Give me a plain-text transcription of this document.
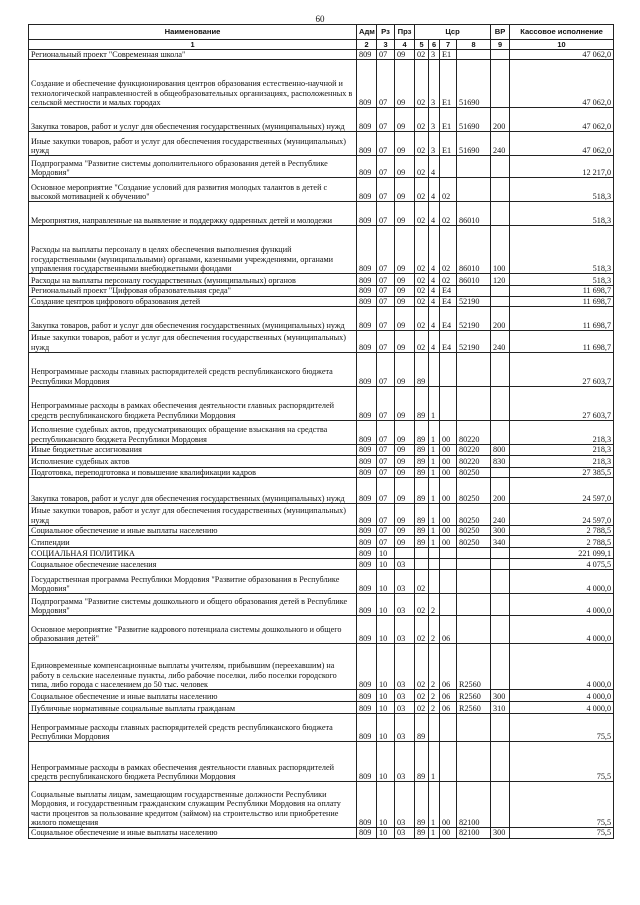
60
Наименование	Адм	Рз	Прз	Цср				ВР	Кассовое исполнение
1	2	3	4	5	6	7	8	9	10
Региональный проект "Современная школа"	809	07	09	02	3	E1			47 062,0
Создание и обеспечение функционирования центров образования естественно-научной и технологической направленностей в общеобразовательных организациях, расположенных в сельской местности и малых городах	809	07	09	02	3	E1	51690		47 062,0
Закупка товаров, работ и услуг для обеспечения государственных (муниципальных) нужд	809	07	09	02	3	E1	51690	200	47 062,0
Иные закупки товаров, работ и услуг для обеспечения государственных (муниципальных) нужд	809	07	09	02	3	E1	51690	240	47 062,0
Подпрограмма "Развитие системы дополнительного образования детей в Республике Мордовия"	809	07	09	02	4				12 217,0
Основное мероприятие "Создание условий для развития молодых талантов в детей с высокой мотивацией к обучению"	809	07	09	02	4	02			518,3
Мероприятия, направленные на выявление и поддержку одаренных детей и молодежи	809	07	09	02	4	02	86010		518,3
Расходы на выплаты персоналу в целях обеспечения выполнения функций государственными (муниципальными) органами, казенными учреждениями, органами управления государственными внебюджетными фондами	809	07	09	02	4	02	86010	100	518,3
Расходы на выплаты персоналу государственных (муниципальных) органов	809	07	09	02	4	02	86010	120	518,3
Региональный проект "Цифровая образовательная среда"	809	07	09	02	4	E4			11 698,7
Создание центров цифрового образования детей	809	07	09	02	4	E4	52190		11 698,7
Закупка товаров, работ и услуг для обеспечения государственных (муниципальных) нужд	809	07	09	02	4	E4	52190	200	11 698,7
Иные закупки товаров, работ и услуг для обеспечения государственных (муниципальных) нужд	809	07	09	02	4	E4	52190	240	11 698,7
Непрограммные расходы главных распорядителей средств республиканского бюджета Республики Мордовия	809	07	09	89					27 603,7
Непрограммные расходы в рамках обеспечения деятельности главных распорядителей средств республиканского бюджета Республики Мордовия	809	07	09	89	1				27 603,7
Исполнение судебных актов, предусматривающих обращение взыскания на средства республиканского бюджета Республики Мордовия	809	07	09	89	1	00	80220		218,3
Иные бюджетные ассигнования	809	07	09	89	1	00	80220	800	218,3
Исполнение судебных актов	809	07	09	89	1	00	80220	830	218,3
Подготовка, переподготовка и повышение квалификации кадров	809	07	09	89	1	00	80250		27 385,5
Закупка товаров, работ и услуг для обеспечения государственных (муниципальных) нужд	809	07	09	89	1	00	80250	200	24 597,0
Иные закупки товаров, работ и услуг для обеспечения государственных (муниципальных) нужд	809	07	09	89	1	00	80250	240	24 597,0
Социальное обеспечение и иные выплаты населению	809	07	09	89	1	00	80250	300	2 788,5
Стипендии	809	07	09	89	1	00	80250	340	2 788,5
СОЦИАЛЬНАЯ ПОЛИТИКА	809	10							221 099,1
Социальное обеспечение населения	809	10	03						4 075,5
Государственная программа Республики Мордовия "Развитие образования в Республике Мордовия"	809	10	03	02					4 000,0
Подпрограмма "Развитие системы дошкольного и общего образования детей в Республике Мордовия"	809	10	03	02	2				4 000,0
Основное мероприятие "Развитие кадрового потенциала системы дошкольного и общего образования детей"	809	10	03	02	2	06			4 000,0
Единовременные компенсационные выплаты учителям, прибывшим (переехавшим) на работу в сельские населенные пункты, либо рабочие поселки, либо поселки городского типа, либо города с населением до 50 тыс. человек	809	10	03	02	2	06	R2560		4 000,0
Социальное обеспечение и иные выплаты населению	809	10	03	02	2	06	R2560	300	4 000,0
Публичные нормативные социальные выплаты гражданам	809	10	03	02	2	06	R2560	310	4 000,0
Непрограммные расходы главных распорядителей средств республиканского бюджета Республики Мордовия	809	10	03	89					75,5
Непрограммные расходы в рамках обеспечения деятельности главных распорядителей средств республиканского бюджета Республики Мордовия	809	10	03	89	1				75,5
Социальные выплаты лицам, замещающим государственные должности Республики Мордовия, и государственным гражданским служащим Республики Мордовия на оплату части процентов за пользование кредитом (займом) на строительство или приобретение жилого помещения	809	10	03	89	1	00	82100		75,5
Социальное обеспечение и иные выплаты населению	809	10	03	89	1	00	82100	300	75,5
